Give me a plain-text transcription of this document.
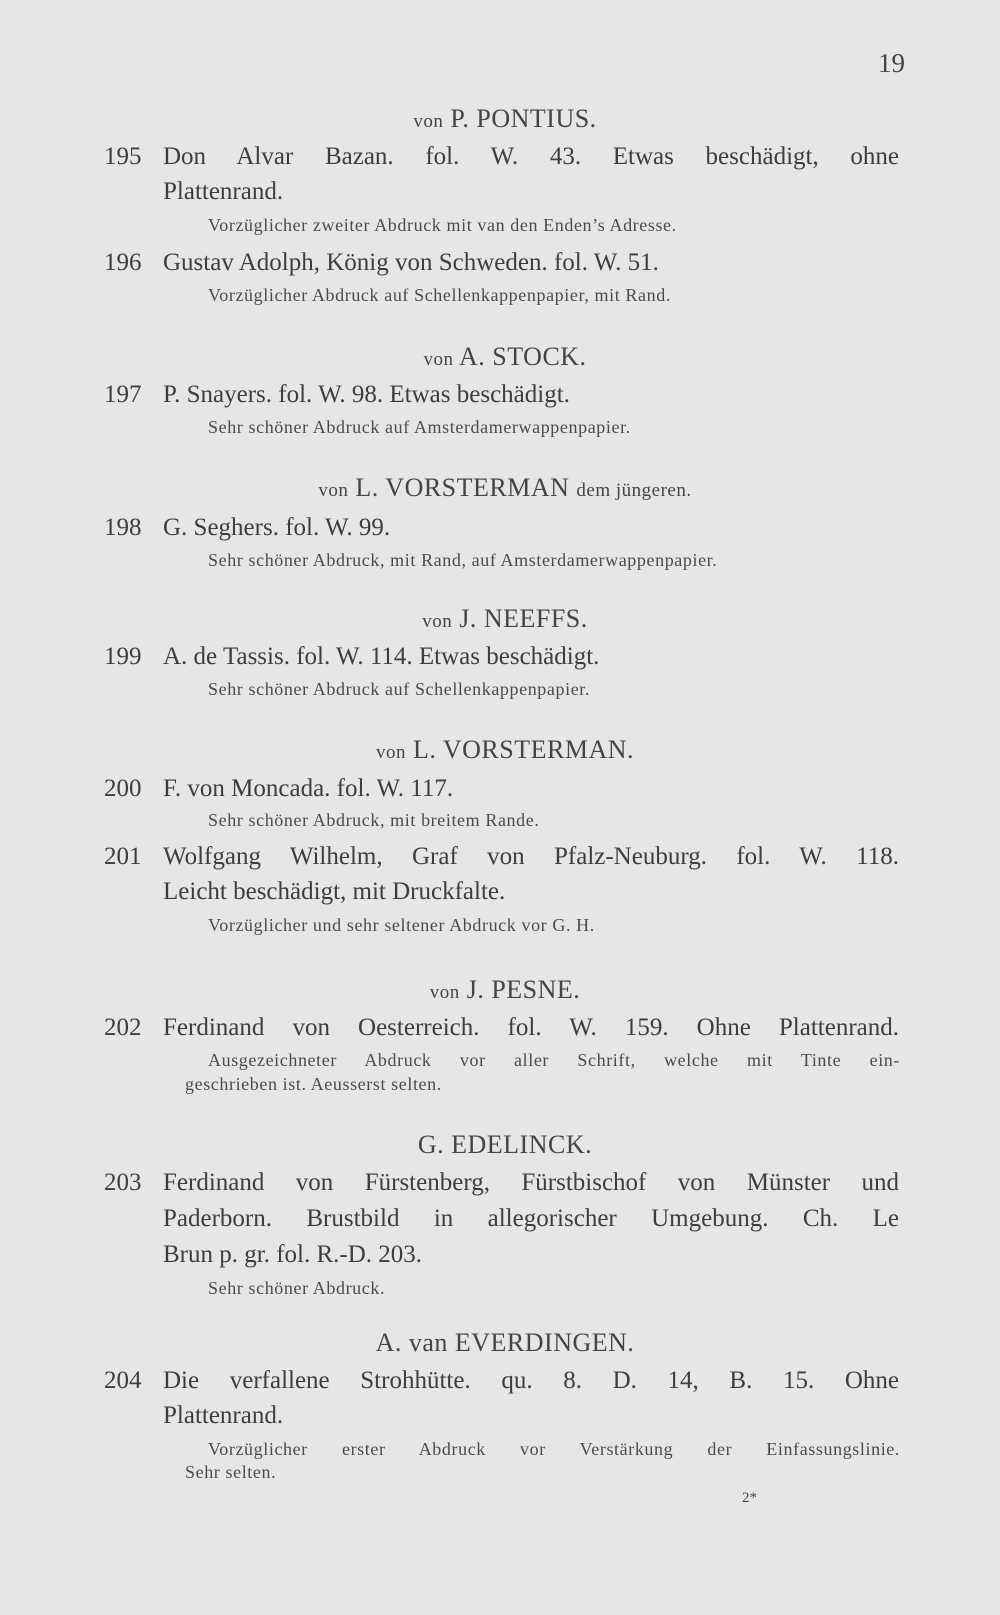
19
von P. PONTIUS.
195 Don Alvar Bazan. fol. W. 43. Etwas beschädigt, ohne
Plattenrand.
Vorzüglicher zweiter Abdruck mit van den Enden’s Adresse.
196 Gustav Adolph, König von Schweden. fol. W. 51.
Vorzüglicher Abdruck auf Schellenkappenpapier, mit Rand.
von A. STOCK.
197 P. Snayers. fol. W. 98. Etwas beschädigt.
Sehr schöner Abdruck auf Amsterdamerwappenpapier.
von L. VORSTERMAN dem jüngeren.
198 G. Seghers. fol. W. 99.
Sehr schöner Abdruck, mit Rand, auf Amsterdamerwappenpapier.
von J. NEEFFS.
199 A. de Tassis. fol. W. 114. Etwas beschädigt.
Sehr schöner Abdruck auf Schellenkappenpapier.
von L. VORSTERMAN.
200 F. von Moncada. fol. W. 117.
Sehr schöner Abdruck, mit breitem Rande.
201 Wolfgang Wilhelm, Graf von Pfalz-Neuburg. fol. W. 118.
Leicht beschädigt, mit Druckfalte.
Vorzüglicher und sehr seltener Abdruck vor G. H.
von J. PESNE.
202 Ferdinand von Oesterreich. fol. W. 159. Ohne Plattenrand.
Ausgezeichneter Abdruck vor aller Schrift, welche mit Tinte ein-
geschrieben ist. Aeusserst selten.
G. EDELINCK.
203 Ferdinand von Fürstenberg, Fürstbischof von Münster und
Paderborn. Brustbild in allegorischer Umgebung. Ch. Le
Brun p. gr. fol. R.-D. 203.
Sehr schöner Abdruck.
A. van EVERDINGEN.
204 Die verfallene Strohhütte. qu. 8. D. 14, B. 15. Ohne
Plattenrand.
Vorzüglicher erster Abdruck vor Verstärkung der Einfassungslinie.
Sehr selten.
2*
